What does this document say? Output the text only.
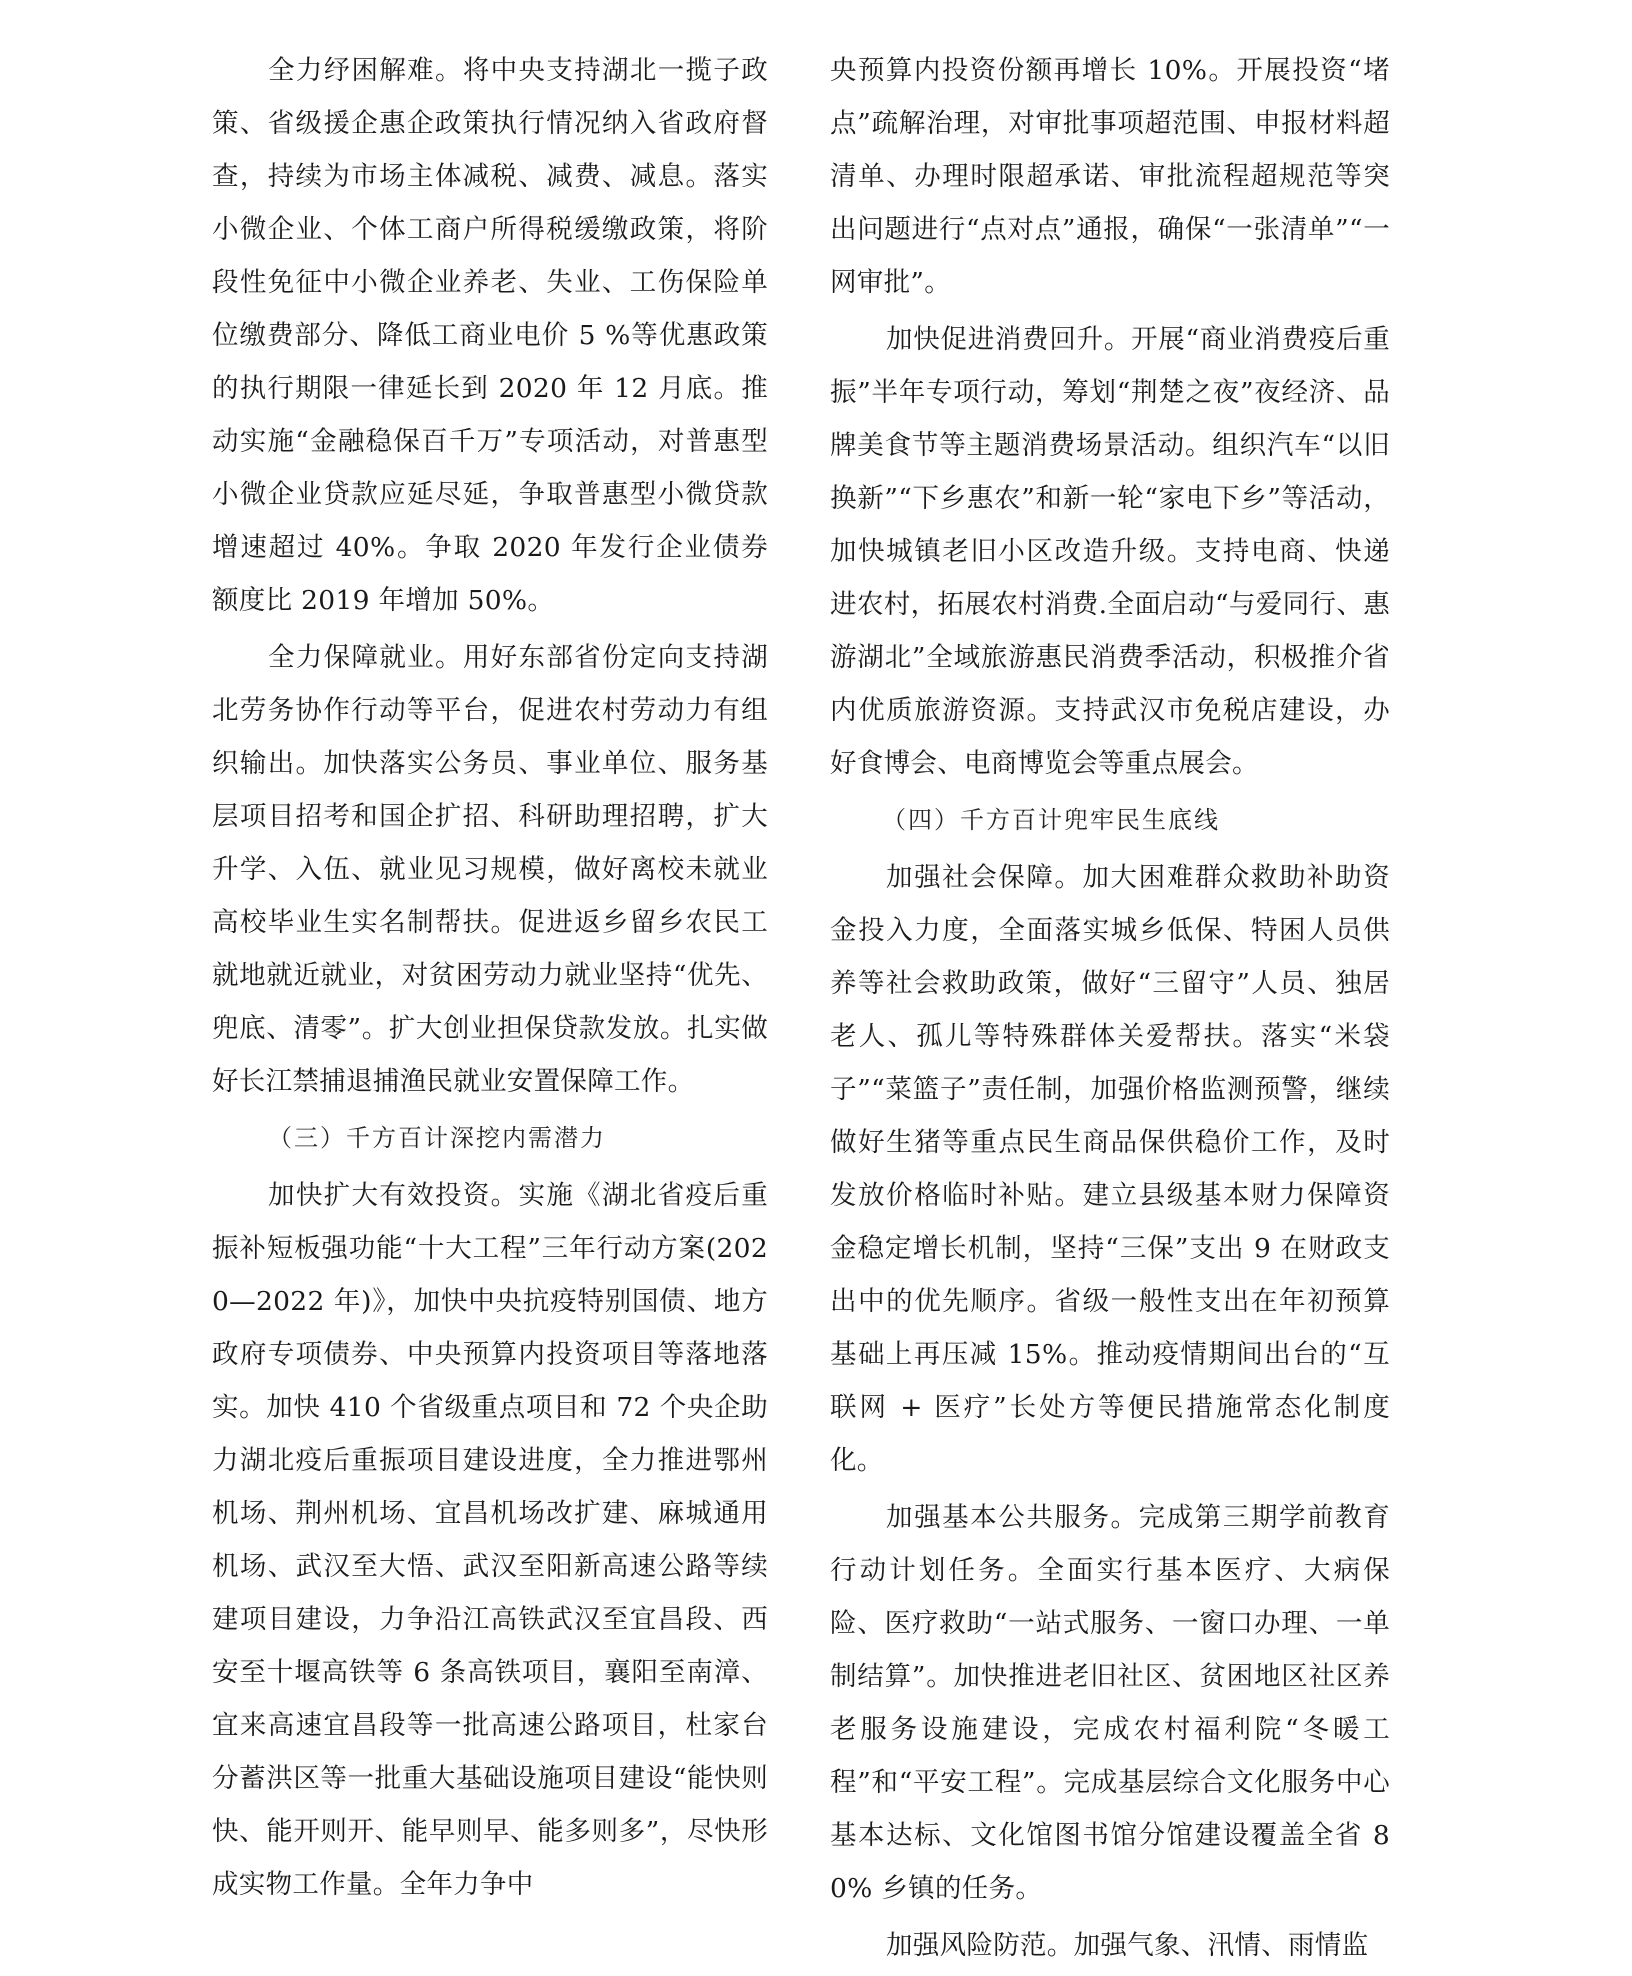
全力纾困解难。将中央支持湖北一揽子政策、省级援企惠企政策执行情况纳入省政府督查，持续为市场主体减税、减费、减息。落实小微企业、个体工商户所得税缓缴政策，将阶段性免征中小微企业养老、失业、工伤保险单位缴费部分、降低工商业电价 5 %等优惠政策的执行期限一律延长到 2020 年 12 月底。推动实施“金融稳保百千万”专项活动，对普惠型小微企业贷款应延尽延，争取普惠型小微贷款增速超过 40%。争取 2020 年发行企业债券额度比 2019 年增加 50%。

全力保障就业。用好东部省份定向支持湖北劳务协作行动等平台，促进农村劳动力有组织输出。加快落实公务员、事业单位、服务基层项目招考和国企扩招、科研助理招聘，扩大升学、入伍、就业见习规模，做好离校未就业高校毕业生实名制帮扶。促进返乡留乡农民工就地就近就业，对贫困劳动力就业坚持“优先、兜底、清零”。扩大创业担保贷款发放。扎实做好长江禁捕退捕渔民就业安置保障工作。

（三）千方百计深挖内需潜力

加快扩大有效投资。实施《湖北省疫后重振补短板强功能“十大工程”三年行动方案(2020—2022 年)》，加快中央抗疫特别国债、地方政府专项债券、中央预算内投资项目等落地落实。加快 410 个省级重点项目和 72 个央企助力湖北疫后重振项目建设进度，全力推进鄂州机场、荆州机场、宜昌机场改扩建、麻城通用机场、武汉至大悟、武汉至阳新高速公路等续建项目建设，力争沿江高铁武汉至宜昌段、西安至十堰高铁等 6 条高铁项目，襄阳至南漳、宜来高速宜昌段等一批高速公路项目，杜家台分蓄洪区等一批重大基础设施项目建设“能快则快、能开则开、能早则早、能多则多”，尽快形成实物工作量。全年力争中

央预算内投资份额再增长 10%。开展投资“堵点”疏解治理，对审批事项超范围、申报材料超清单、办理时限超承诺、审批流程超规范等突出问题进行“点对点”通报，确保“一张清单”“一网审批”。

加快促进消费回升。开展“商业消费疫后重振”半年专项行动，筹划“荆楚之夜”夜经济、品牌美食节等主题消费场景活动。组织汽车“以旧换新”“下乡惠农”和新一轮“家电下乡”等活动，加快城镇老旧小区改造升级。支持电商、快递进农村，拓展农村消费.全面启动“与爱同行、惠游湖北”全域旅游惠民消费季活动，积极推介省内优质旅游资源。支持武汉市免税店建设，办好食博会、电商博览会等重点展会。

（四）千方百计兜牢民生底线

加强社会保障。加大困难群众救助补助资金投入力度，全面落实城乡低保、特困人员供养等社会救助政策，做好“三留守”人员、独居老人、孤儿等特殊群体关爱帮扶。落实“米袋子”“菜篮子”责任制，加强价格监测预警，继续做好生猪等重点民生商品保供稳价工作，及时发放价格临时补贴。建立县级基本财力保障资金稳定增长机制，坚持“三保”支出 9 在财政支出中的优先顺序。省级一般性支出在年初预算基础上再压减 15%。推动疫情期间出台的“互联网 + 医疗”长处方等便民措施常态化制度化。

加强基本公共服务。完成第三期学前教育行动计划任务。全面实行基本医疗、大病保险、医疗救助“一站式服务、一窗口办理、一单制结算”。加快推进老旧社区、贫困地区社区养老服务设施建设，完成农村福利院“冬暖工程”和“平安工程”。完成基层综合文化服务中心基本达标、文化馆图书馆分馆建设覆盖全省 80% 乡镇的任务。

加强风险防范。加强气象、汛情、雨情监
